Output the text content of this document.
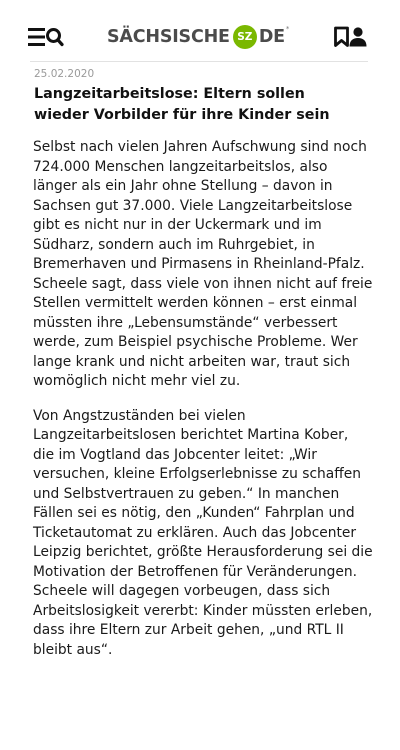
SÄCHSISCHE SZ DE *
25.02.2020
Langzeitarbeitslose: Eltern sollen wieder Vorbilder für ihre Kinder sein

Selbst nach vielen Jahren Aufschwung sind noch 724.000 Menschen langzeitarbeitslos, also länger als ein Jahr ohne Stellung – davon in Sachsen gut 37.000. Viele Langzeitarbeitslose gibt es nicht nur in der Uckermark und im Südharz, sondern auch im Ruhrgebiet, in Bremerhaven und Pirmasens in Rheinland-Pfalz. Scheele sagt, dass viele von ihnen nicht auf freie Stellen vermittelt werden können – erst einmal müssten ihre „Lebensumstände“ verbessert werde, zum Beispiel psychische Probleme. Wer lange krank und nicht arbeiten war, traut sich womöglich nicht mehr viel zu.

Von Angstzuständen bei vielen Langzeitarbeitslosen berichtet Martina Kober, die im Vogtland das Jobcenter leitet: „Wir versuchen, kleine Erfolgserlebnisse zu schaffen und Selbstvertrauen zu geben.“ In manchen Fällen sei es nötig, den „Kunden“ Fahrplan und Ticketautomat zu erklären. Auch das Jobcenter Leipzig berichtet, größte Herausforderung sei die Motivation der Betroffenen für Veränderungen. Scheele will dagegen vorbeugen, dass sich Arbeitslosigkeit vererbt: Kinder müssten erleben, dass ihre Eltern zur Arbeit gehen, „und RTL II bleibt aus“.
